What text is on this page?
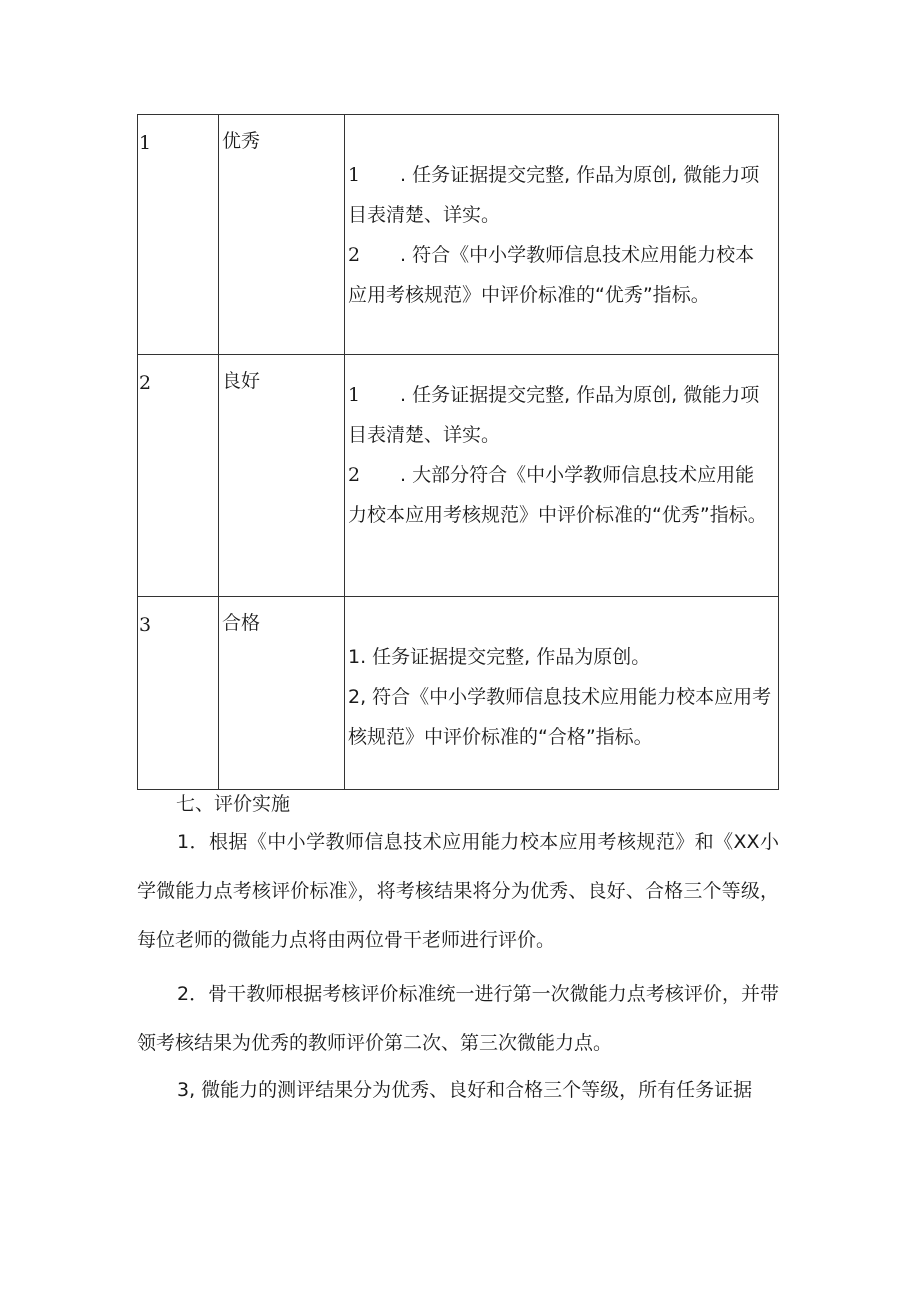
1	优秀	1 . 任务证据提交完整, 作品为原创, 微能力项目表清楚、详实。

2 . 符合《中小学教师信息技术应用能力校本应用考核规范》中评价标准的“优秀”指标。

2	良好	1 . 任务证据提交完整, 作品为原创, 微能力项目表清楚、详实。

2 . 大部分符合《中小学教师信息技术应用能力校本应用考核规范》中评价标准的“优秀”指标。

3	合格	1. 任务证据提交完整, 作品为原创。

2, 符合《中小学教师信息技术应用能力校本应用考核规范》中评价标准的“合格”指标。

七、评价实施

1．根据《中小学教师信息技术应用能力校本应用考核规范》和《XX小学微能力点考核评价标准》，将考核结果将分为优秀、良好、合格三个等级，每位老师的微能力点将由两位骨干老师进行评价。

2．骨干教师根据考核评价标准统一进行第一次微能力点考核评价，并带领考核结果为优秀的教师评价第二次、第三次微能力点。

3, 微能力的测评结果分为优秀、良好和合格三个等级，所有任务证据
